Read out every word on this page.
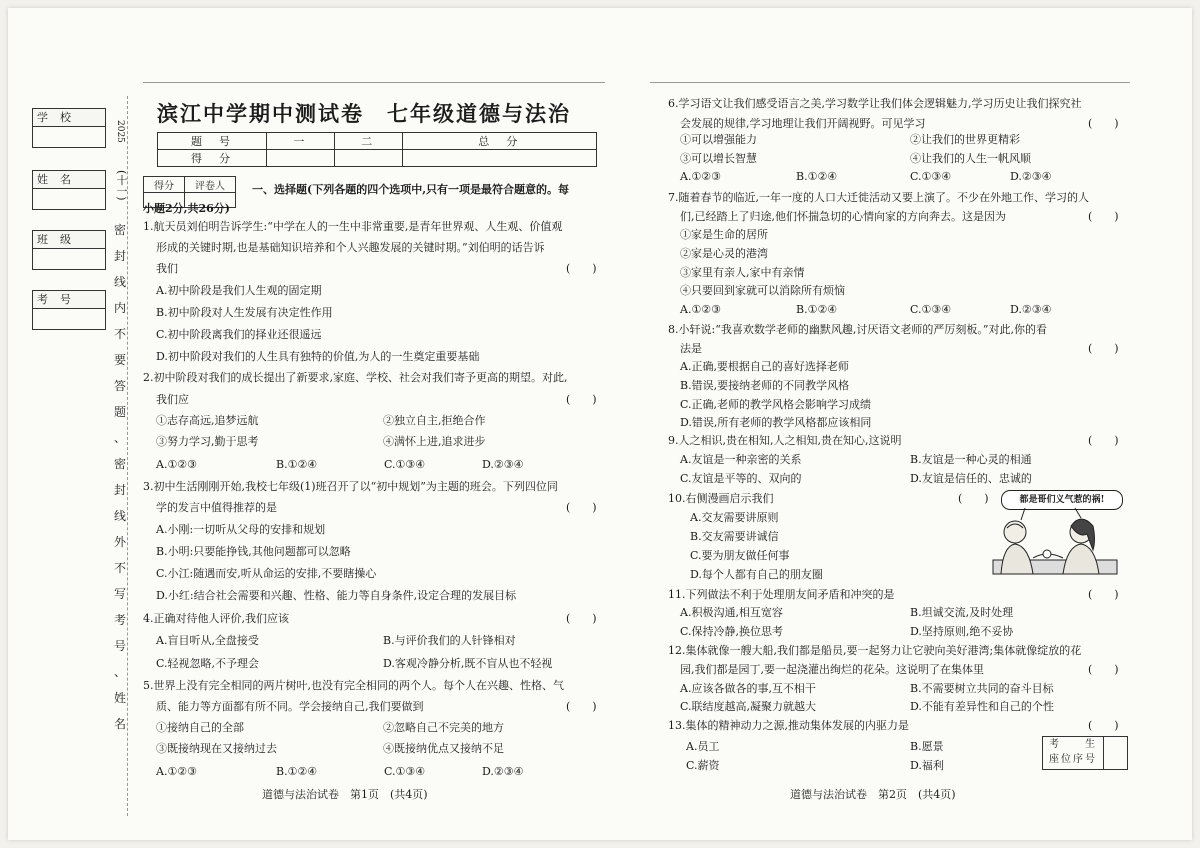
学校
姓名
班级
考号
2025
(十一)
密
封
线
内
不
要
答
题
、
密
封
线
外
不
写
考
号
、
姓
名
滨江中学期中测试卷　七年级道德与法治
题　号	一	二	总　分
得　分			
得分	评卷人
	一、选择题(下列各题的四个选项中,只有一项是最符合题意的。每
小题2分,共26分)
1.航天员刘伯明告诉学生:“中学在人的一生中非常重要,是青年世界观、人生观、价值观
形成的关键时期,也是基础知识培养和个人兴趣发展的关键时期。”刘伯明的话告诉
我们	(　　)
A.初中阶段是我们人生观的固定期
B.初中阶段对人生发展有决定性作用
C.初中阶段离我们的择业还很遥远
D.初中阶段对我们的人生具有独特的价值,为人的一生奠定重要基础
2.初中阶段对我们的成长提出了新要求,家庭、学校、社会对我们寄予更高的期望。对此,
我们应	(　　)
①志存高远,追梦远航	②独立自主,拒绝合作
③努力学习,勤于思考	④满怀上进,追求进步
A.①②③	B.①②④	C.①③④	D.②③④
3.初中生活刚刚开始,我校七年级(1)班召开了以“初中规划”为主题的班会。下列四位同
学的发言中值得推荐的是	(　　)
A.小刚:一切听从父母的安排和规划
B.小明:只要能挣钱,其他问题都可以忽略
C.小江:随遇而安,听从命运的安排,不要瞎操心
D.小红:结合社会需要和兴趣、性格、能力等自身条件,设定合理的发展目标
4.正确对待他人评价,我们应该	(　　)
A.盲目听从,全盘接受	B.与评价我们的人针锋相对
C.轻视忽略,不予理会	D.客观冷静分析,既不盲从也不轻视
5.世界上没有完全相同的两片树叶,也没有完全相同的两个人。每个人在兴趣、性格、气
质、能力等方面都有所不同。学会接纳自己,我们要做到	(　　)
①接纳自己的全部	②忽略自己不完美的地方
③既接纳现在又接纳过去	④既接纳优点又接纳不足
A.①②③	B.①②④	C.①③④	D.②③④
道德与法治试卷　第1页　(共4页)
6.学习语文让我们感受语言之美,学习数学让我们体会逻辑魅力,学习历史让我们探究社
会发展的规律,学习地理让我们开阔视野。可见学习	(　　)
①可以增强能力	②让我们的世界更精彩
③可以增长智慧	④让我们的人生一帆风顺
A.①②③	B.①②④	C.①③④	D.②③④
7.随着春节的临近,一年一度的人口大迁徙活动又要上演了。不少在外地工作、学习的人
们,已经踏上了归途,他们怀揣急切的心情向家的方向奔去。这是因为	(　　)
①家是生命的居所
②家是心灵的港湾
③家里有亲人,家中有亲情
④只要回到家就可以消除所有烦恼
A.①②③	B.①②④	C.①③④	D.②③④
8.小轩说:“我喜欢数学老师的幽默风趣,讨厌语文老师的严厉刻板。”对此,你的看
法是	(　　)
A.正确,要根据自己的喜好选择老师
B.错误,要接纳老师的不同教学风格
C.正确,老师的教学风格会影响学习成绩
D.错误,所有老师的教学风格都应该相同
9.人之相识,贵在相知,人之相知,贵在知心,这说明	(　　)
A.友谊是一种亲密的关系	B.友谊是一种心灵的相通
C.友谊是平等的、双向的	D.友谊是信任的、忠诚的
10.右侧漫画启示我们	(　　)
A.交友需要讲原则
B.交友需要讲诚信
C.要为朋友做任何事
D.每个人都有自己的朋友圈
都是哥们义气惹的祸!
11.下列做法不利于处理朋友间矛盾和冲突的是	(　　)
A.积极沟通,相互宽容	B.坦诚交流,及时处理
C.保持冷静,换位思考	D.坚持原则,绝不妥协
12.集体就像一艘大船,我们都是船员,要一起努力让它驶向美好港湾;集体就像绽放的花
园,我们都是园丁,要一起浇灌出绚烂的花朵。这说明了在集体里	(　　)
A.应该各做各的事,互不相干	B.不需要树立共同的奋斗目标
C.联结度越高,凝聚力就越大	D.不能有差异性和自己的个性
13.集体的精神动力之源,推动集体发展的内驱力是	(　　)
A.员工	B.愿景
C.薪资	D.福利
考　　生
座位序号
道德与法治试卷　第2页　(共4页)
